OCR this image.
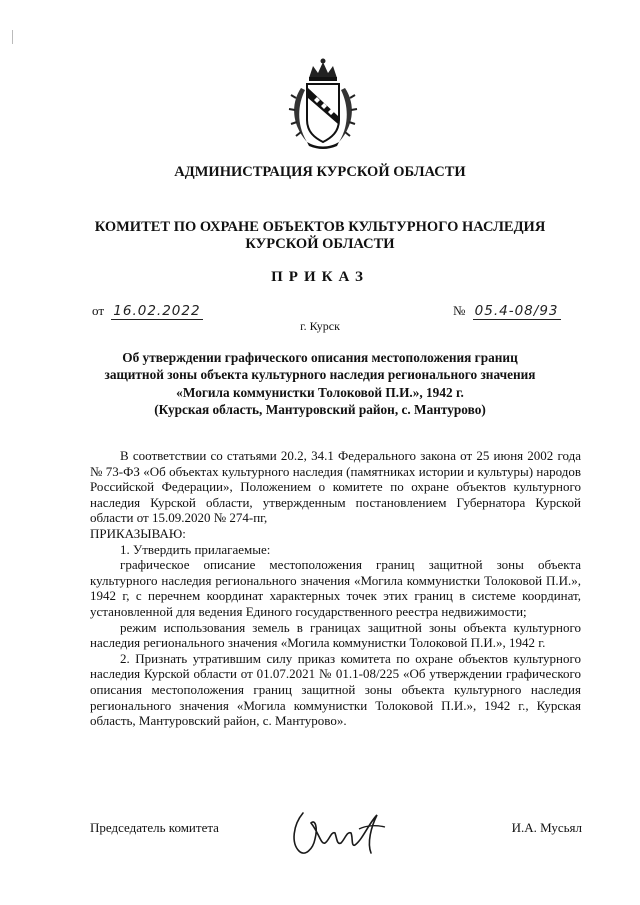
АДМИНИСТРАЦИЯ КУРСКОЙ ОБЛАСТИ
КОМИТЕТ ПО ОХРАНЕ ОБЪЕКТОВ КУЛЬТУРНОГО НАСЛЕДИЯ
КУРСКОЙ ОБЛАСТИ
ПРИКАЗ
от 16.02.2022	№ 05.4-08/93
г. Курск
Об утверждении графического описания местоположения границ
защитной зоны объекта культурного наследия регионального значения
«Могила коммунистки Толоковой П.И.», 1942 г.
(Курская область, Мантуровский район, с. Мантурово)

В соответствии со статьями 20.2, 34.1 Федерального закона от 25 июня 2002 года № 73-ФЗ «Об объектах культурного наследия (памятниках истории и культуры) народов Российской Федерации», Положением о комитете по охране объектов культурного наследия Курской области, утвержденным постановлением Губернатора Курской области от 15.09.2020 № 274-пг,

ПРИКАЗЫВАЮ:

1. Утвердить прилагаемые:

графическое описание местоположения границ защитной зоны объекта культурного наследия регионального значения «Могила коммунистки Толоковой П.И.», 1942 г, с перечнем координат характерных точек этих границ в системе координат, установленной для ведения Единого государственного реестра недвижимости;

режим использования земель в границах защитной зоны объекта культурного наследия регионального значения «Могила коммунистки Толоковой П.И.», 1942 г.

2. Признать утратившим силу приказ комитета по охране объектов культурного наследия Курской области от 01.07.2021 № 01.1-08/225 «Об утверждении графического описания местоположения границ защитной зоны объекта культурного наследия регионального значения «Могила коммунистки Толоковой П.И.», 1942 г., Курская область, Мантуровский район, с. Мантурово».

Председатель комитета	И.А. Мусьял
